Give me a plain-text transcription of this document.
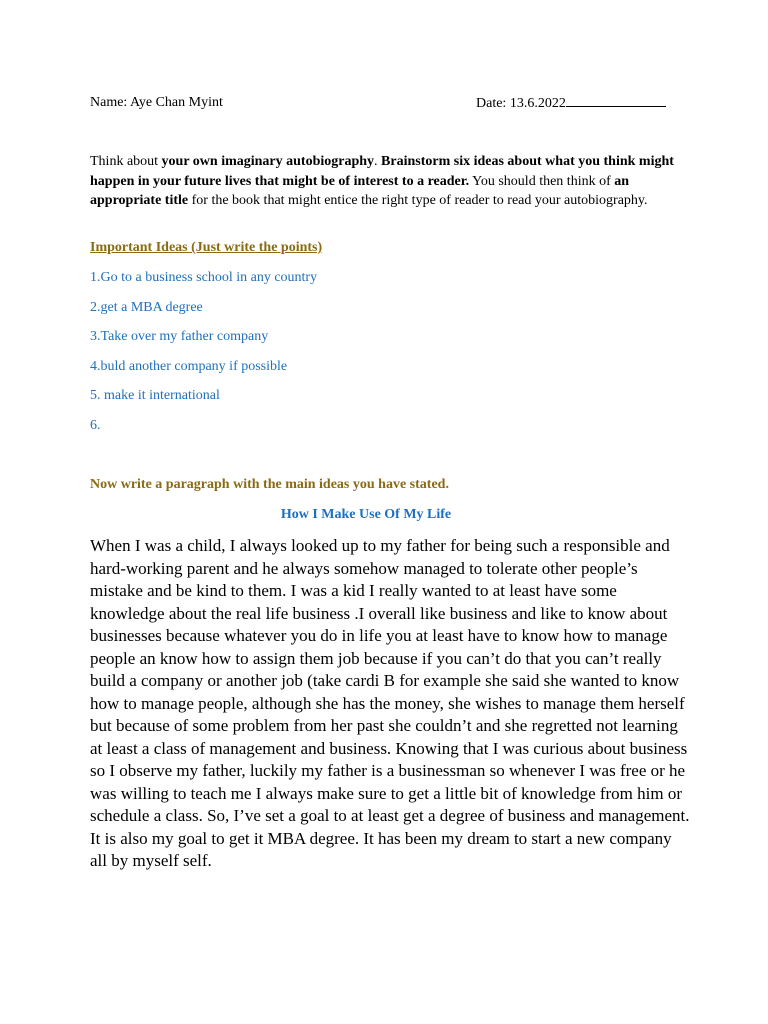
Name: Aye Chan Myint	Date: 13.6.2022
Think about your own imaginary autobiography. Brainstorm six ideas about what you think might happen in your future lives that might be of interest to a reader. You should then think of an appropriate title for the book that might entice the right type of reader to read your autobiography.
Important Ideas (Just write the points)
1.Go to a business school in any country
2.get a MBA degree
3.Take over my father company
4.buld another company if possible
5. make it international
6.
Now write a paragraph with the main ideas you have stated.
How I Make Use Of My Life

When I was a child, I always looked up to my father for being such a responsible and hard-working parent and he always somehow managed to tolerate other people’s mistake and be kind to them. I was a kid I really wanted to at least have some knowledge about the real life business .I overall like business and like to know about businesses because whatever you do in life you at least have to know how to manage people an know how to assign them job because if you can’t do that you can’t really build a company or another job (take cardi B for example she said she wanted to know how to manage people, although she has the money, she wishes to manage them herself but because of some problem from her past she couldn’t and she regretted not learning at least a class of management and business. Knowing that I was curious about business so I observe my father, luckily my father is a businessman so whenever I was free or he was willing to teach me I always make sure to get a little bit of knowledge from him or schedule a class. So, I’ve set a goal to at least get a degree of business and management. It is also my goal to get it MBA degree. It has been my dream to start a new company all by myself self.
